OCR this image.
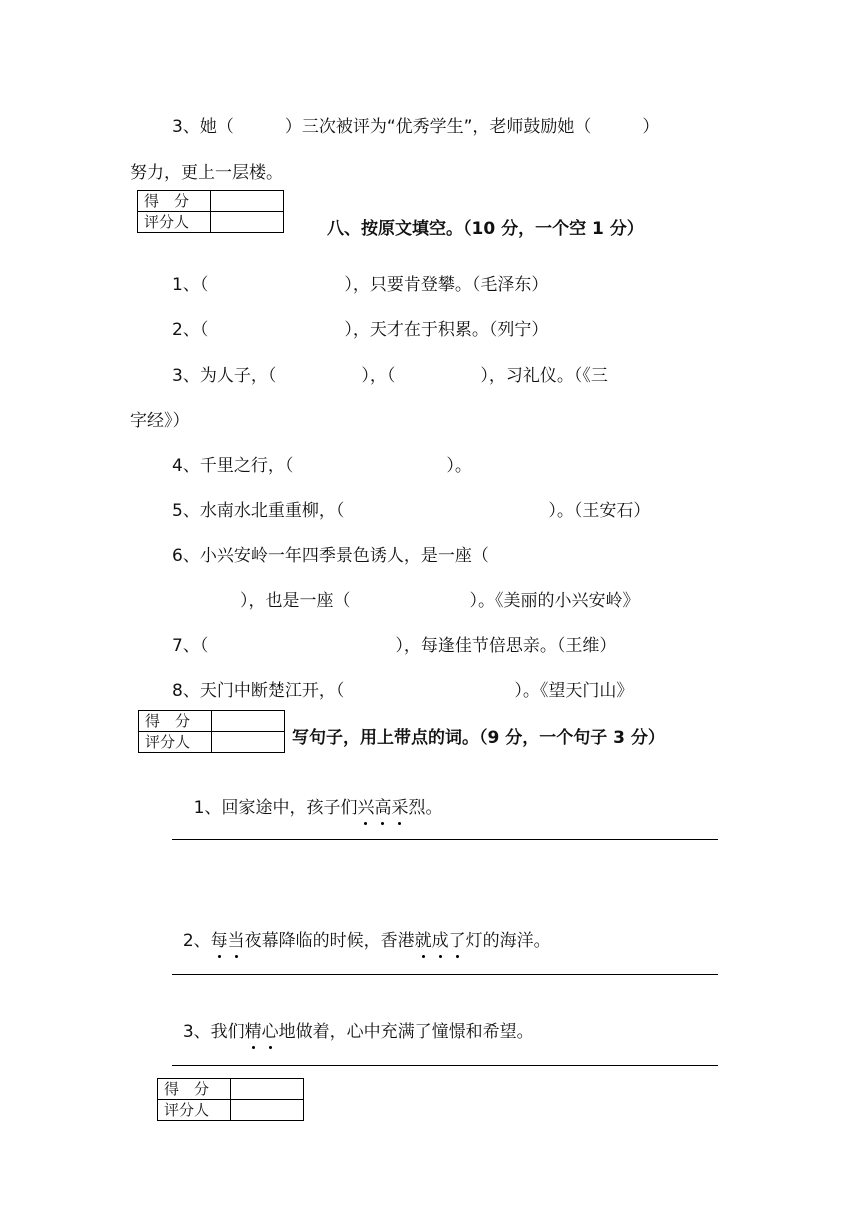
3、她（　　　）三次被评为“优秀学生”，老师鼓励她（　　　）
努力，更上一层楼。
得　分	
评分人		八、按原文填空。（10 分，一个空 1 分）
1、（　　　　　　　　），只要肯登攀。（毛泽东）
2、（　　　　　　　　），天才在于积累。（列宁）
3、为人子，（　　　　　），（　　　　　），习礼仪。（《三
字经》）
4、千里之行，（　　　　　　　　　）。
5、水南水北重重柳，（　　　　　　　　　　　　）。（王安石）
6、小兴安岭一年四季景色诱人，是一座（
　　　　），也是一座（　　　　　　　）。《美丽的小兴安岭》
7、（　　　　　　　　　　　），每逢佳节倍思亲。（王维）
8、天门中断楚江开，（　　　　　　　　　　）。《望天门山》
得　分	
评分人		写句子，用上带点的词。（9 分，一个句子 3 分）

1、回家途中，孩子们兴高采烈。

2、每当夜幕降临的时候，香港就成了灯的海洋。

3、我们精心地做着，心中充满了憧憬和希望。

得　分	
评分人	
